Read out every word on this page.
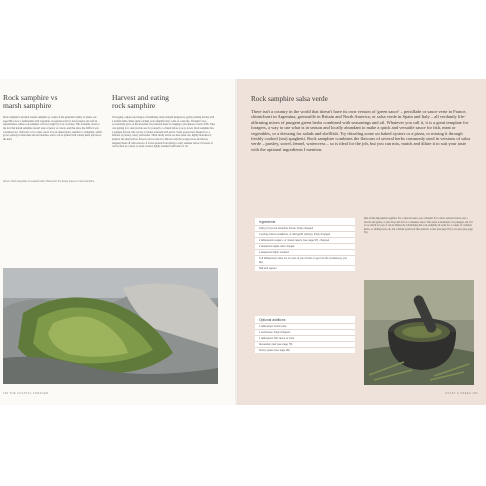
Rock samphire vs
marsh samphire
Harvest and eating
rock samphire
Rock samphire's meristal seaside samphire (a cousin of the generalist family of plants, see page 89) is now a fashionable wild vegetable, recognised even by non-foragers and sold in supermarkets, while rock samphire can't be bought by love or money. This is mainly down to the fact that marsh samphire doesn't taste of petrol or carrots, and that since the 2000s it was considered too 'delicious' to be a mere weed. It is an annual plant, sensitive to trampling, which grows quickly in tidal mud and salt marshes, and it can be picked with a sharp knife just above the mud.
If foraging conjures up images of brambling along tranquil hedgerows, gently picking berries with a wistful smile, think again: picking rock samphire may come as a surprise. Though it does occasionally grow on the shoreline, its preferred home is clinging to precipitous coastal cliffs. Take care getting to it, and provide one for yourself or a friend before you go down. Rock samphire has a pungent flavour, like carrots or fennel seasoned with petrol. Some people have likened it to a mixture of parsley, celery and fennel. Thick fleshy leaves are best eaten raw, lightly blanched or pickled; the small yellow flowers can be used too. Harvest only the young leaves and shoots, snipping them off with scissors. It is best picked from spring to early summer before it flowers. It can be used as a salad, or eaten cooked, lightly steamed with butter or oil.
Above: Rock samphire on coastal rocks. Below left: the fleshy leaves of rock samphire.
182 THE COASTAL FORAGER
Rock samphire salsa verde
There isn't a country in the world that doesn't have its own version of 'green sauce' – persillade or sauce verte in France, chimichurri in Argentina, grenouille in Britain and North America, or salsa verde in Spain and Italy – all verdantly life-affirming mixes of pungent green herbs combined with seasonings and oil. Whatever you call it, it is a great template for foragers, a way to use what is in season and locally abundant to make a quick and versatile sauce for fish, meat or vegetables, or a dressing for salads and shellfish. Try drizzling some on baked oysters or a pizza, or mixing it through freshly cooked (sea) spaghetti. Rock samphire combines the flavours of several herbs commonly used in versions of salsa verde – parsley, sorrel, fennel, watercress – so is ideal for the job, but you can mix, match and dilute it to suit your taste with the optional ingredients I mention.
Ingredients
100g (3 oz) rock samphire fronds, finely chopped
4 spring onions (scallions), or wild garlic (ramps), finely chopped
2 tablespoons capers, or rinsed capers (see page 97), chopped
2 teaspoons apple cider vinegar
2 teaspoons Dijon mustard
6–8 tablespoons olive oil, or more of your choice to get it to the consistency you like
Salt and pepper
Optional additions
1 tablespoon lemon juice
1 anchovies, finely chopped
1 tablespoon fish sauce or miso
Alexanders leaf (see page 76)
Scurvy grass (see page 99)
Mix all the ingredients together. For a smooth sauce, use a blender. For a more textured sauce, use a mortar and pestle, or just chop and stir for a chunkier sauce. This salsa is intended to be pungent, but if it is too much for you, it can be diluted by substituting the rock samphire in some for a couple of common herbs, or adding more oil, and a milder green leaf like spinach, rocket (see page 87) or sea beet (see page 81).
COAST & CREEK 183
